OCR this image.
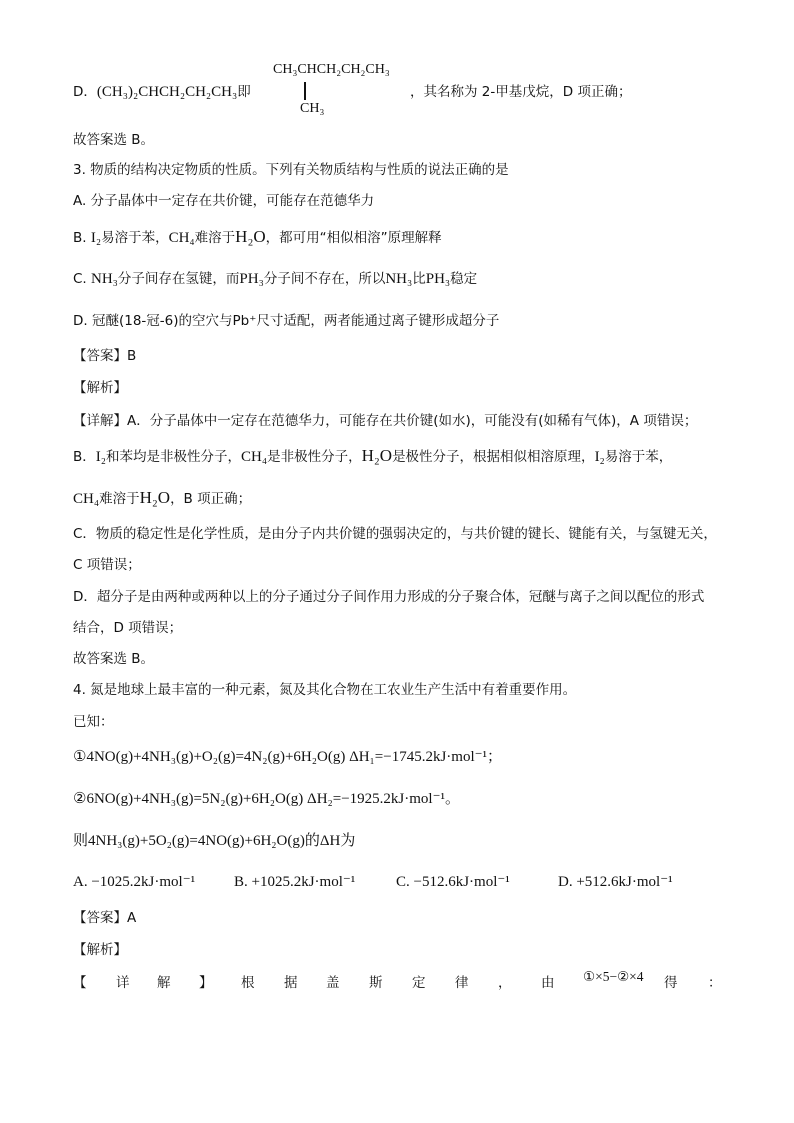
D．(CH₃)₂CHCH₂CH₂CH₃即
CH₃CHCH₂CH₂CH₃
CH₃
，其名称为 2-甲基戊烷，D 项正确；
故答案选 B。
3. 物质的结构决定物质的性质。下列有关物质结构与性质的说法正确的是
A. 分子晶体中一定存在共价键，可能存在范德华力
B. I₂易溶于苯，CH₄难溶于H₂O，都可用“相似相溶”原理解释
C. NH₃分子间存在氢键，而PH₃分子间不存在，所以NH₃比PH₃稳定
D. 冠醚(18-冠-6)的空穴与Pb⁺尺寸适配，两者能通过离子键形成超分子
【答案】B
【解析】
【详解】A．分子晶体中一定存在范德华力，可能存在共价键(如水)，可能没有(如稀有气体)，A 项错误；
B．I₂和苯均是非极性分子，CH₄是非极性分子，H₂O是极性分子，根据相似相溶原理，I₂易溶于苯，
CH₄难溶于H₂O，B 项正确；
C．物质的稳定性是化学性质，是由分子内共价键的强弱决定的，与共价键的键长、键能有关，与氢键无关，
C 项错误；
D．超分子是由两种或两种以上的分子通过分子间作用力形成的分子聚合体，冠醚与离子之间以配位的形式
结合，D 项错误；
故答案选 B。
4. 氮是地球上最丰富的一种元素，氮及其化合物在工农业生产生活中有着重要作用。
已知：
①4NO(g)+4NH₃(g)+O₂(g)=4N₂(g)+6H₂O(g) ΔH₁=−1745.2kJ·mol⁻¹；
②6NO(g)+4NH₃(g)=5N₂(g)+6H₂O(g) ΔH₂=−1925.2kJ·mol⁻¹。
则4NH₃(g)+5O₂(g)=4NO(g)+6H₂O(g)的ΔH为
A. −1025.2kJ·mol⁻¹	B. +1025.2kJ·mol⁻¹	C. −512.6kJ·mol⁻¹	D. +512.6kJ·mol⁻¹
【答案】A
【解析】
【 详 解 】 根 据 盖 斯 定 律 ， 由 ①×5−②×4 得 ：
